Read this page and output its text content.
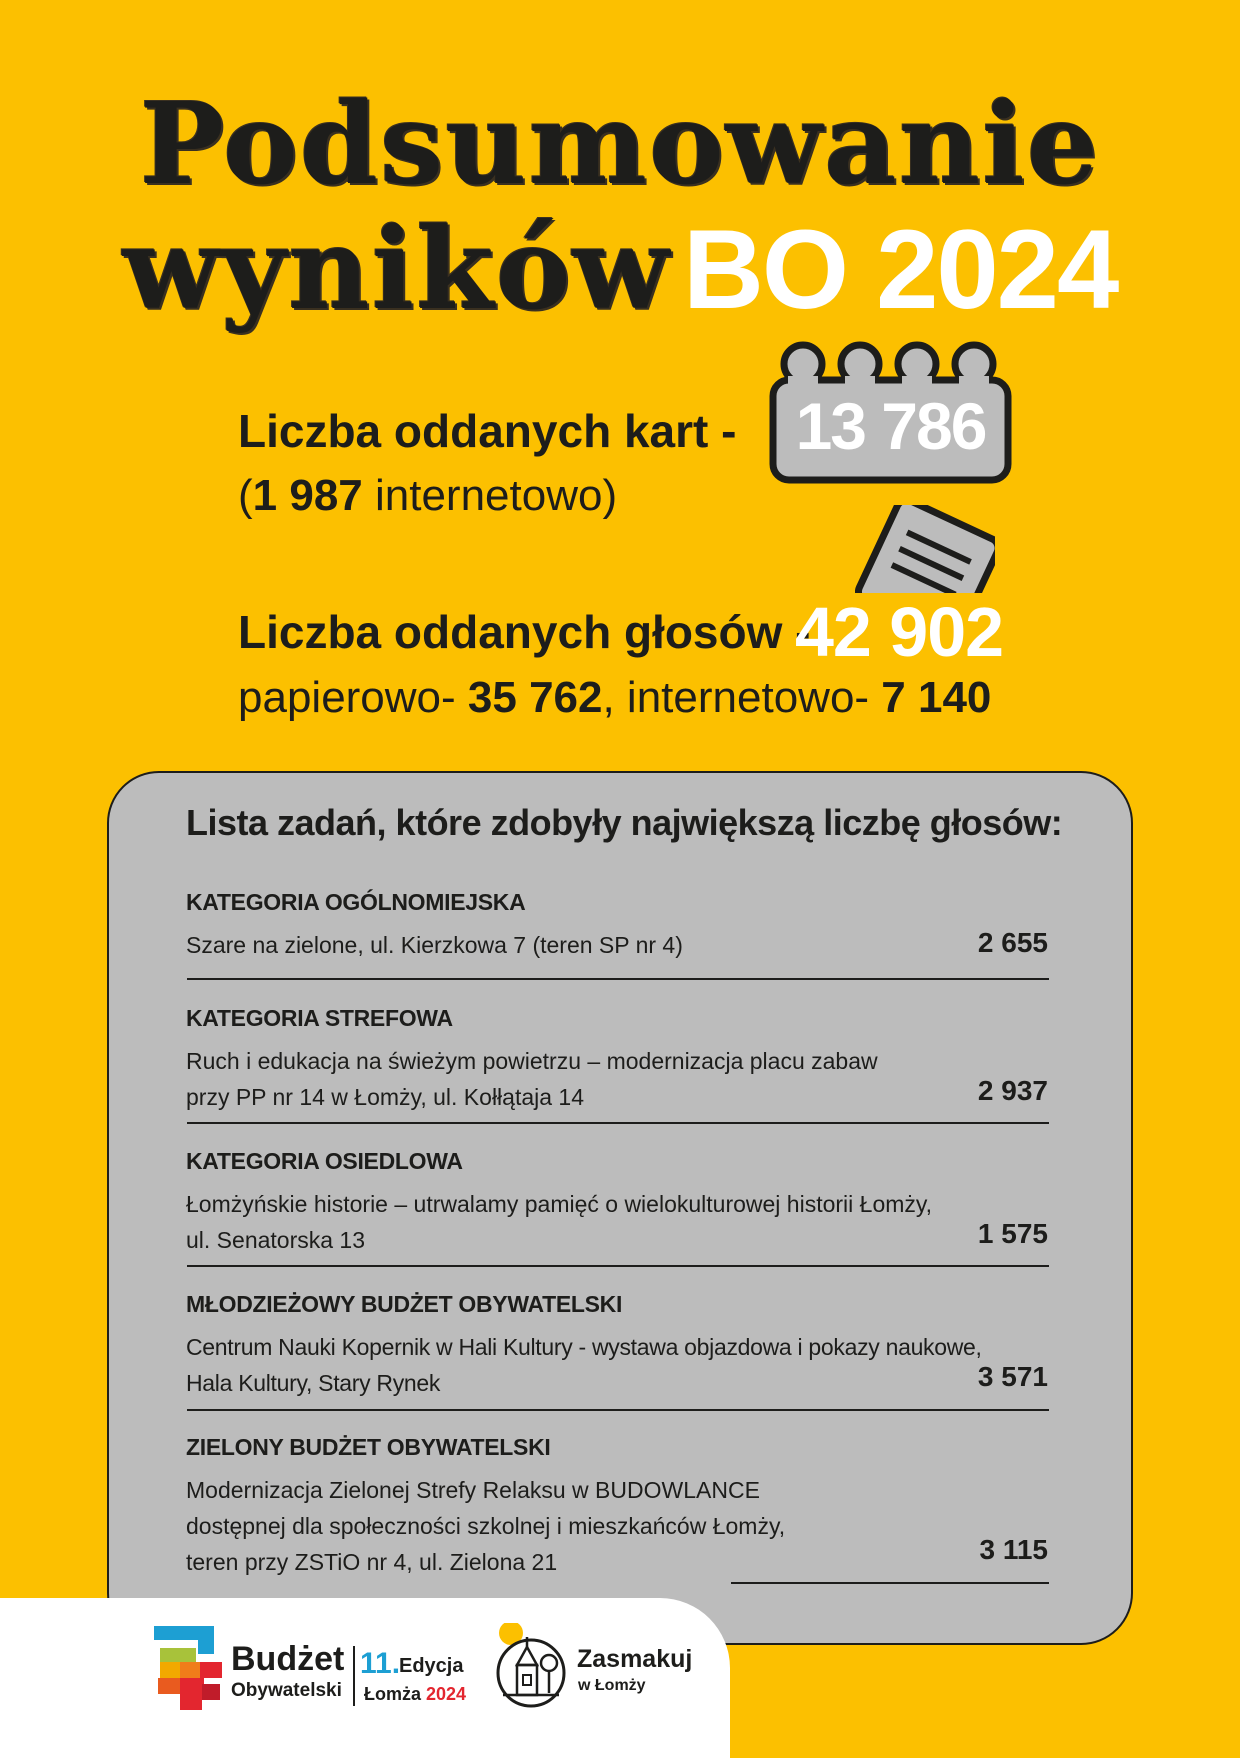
Podsumowanie
wyników BO 2024
Liczba oddanych kart - 13 786
(1 987 internetowo)
Liczba oddanych głosów -
42 902
papierowo- 35 762, internetowo- 7 140
Lista zadań, które zdobyły największą liczbę głosów:
KATEGORIA OGÓLNOMIEJSKA
Szare na zielone, ul. Kierzkowa 7 (teren SP nr 4)	2 655
KATEGORIA STREFOWA
Ruch i edukacja na świeżym powietrzu – modernizacja placu zabaw
przy PP nr 14 w Łomży, ul. Kołłątaja 14	2 937
KATEGORIA OSIEDLOWA
Łomżyńskie historie – utrwalamy pamięć o wielokulturowej historii Łomży,
ul. Senatorska 13	1 575
MŁODZIEŻOWY BUDŻET OBYWATELSKI
Centrum Nauki Kopernik w Hali Kultury - wystawa objazdowa i pokazy naukowe,
Hala Kultury, Stary Rynek	3 571
ZIELONY BUDŻET OBYWATELSKI
Modernizacja Zielonej Strefy Relaksu w BUDOWLANCE
dostępnej dla społeczności szkolnej i mieszkańców Łomży,
teren przy ZSTiO nr 4, ul. Zielona 21	3 115
Budżet
Obywatelski
11.
Edycja
Łomża 2024
Zasmakuj
w Łomży
